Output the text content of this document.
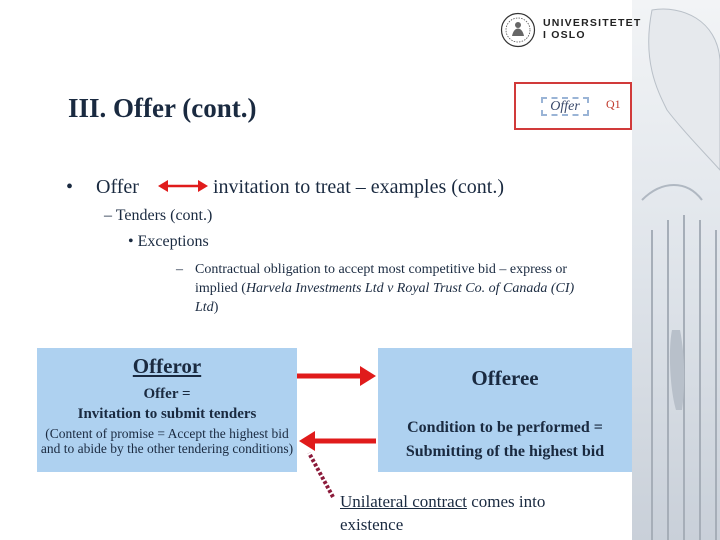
UNIVERSITETET
I OSLO
III. Offer (cont.)	Offer	Q1
• Offer	invitation to treat – examples (cont.)
– Tenders (cont.)
• Exceptions
– Contractual obligation to accept most competitive bid – express or implied (Harvela Investments Ltd v Royal Trust Co. of Canada (CI) Ltd)
Offeror
Offer =
Invitation to submit tenders
(Content of promise = Accept the highest bid and to abide by the other tendering conditions)
Offeree
Condition to be performed = Submitting of the highest bid
Unilateral contract comes into existence
